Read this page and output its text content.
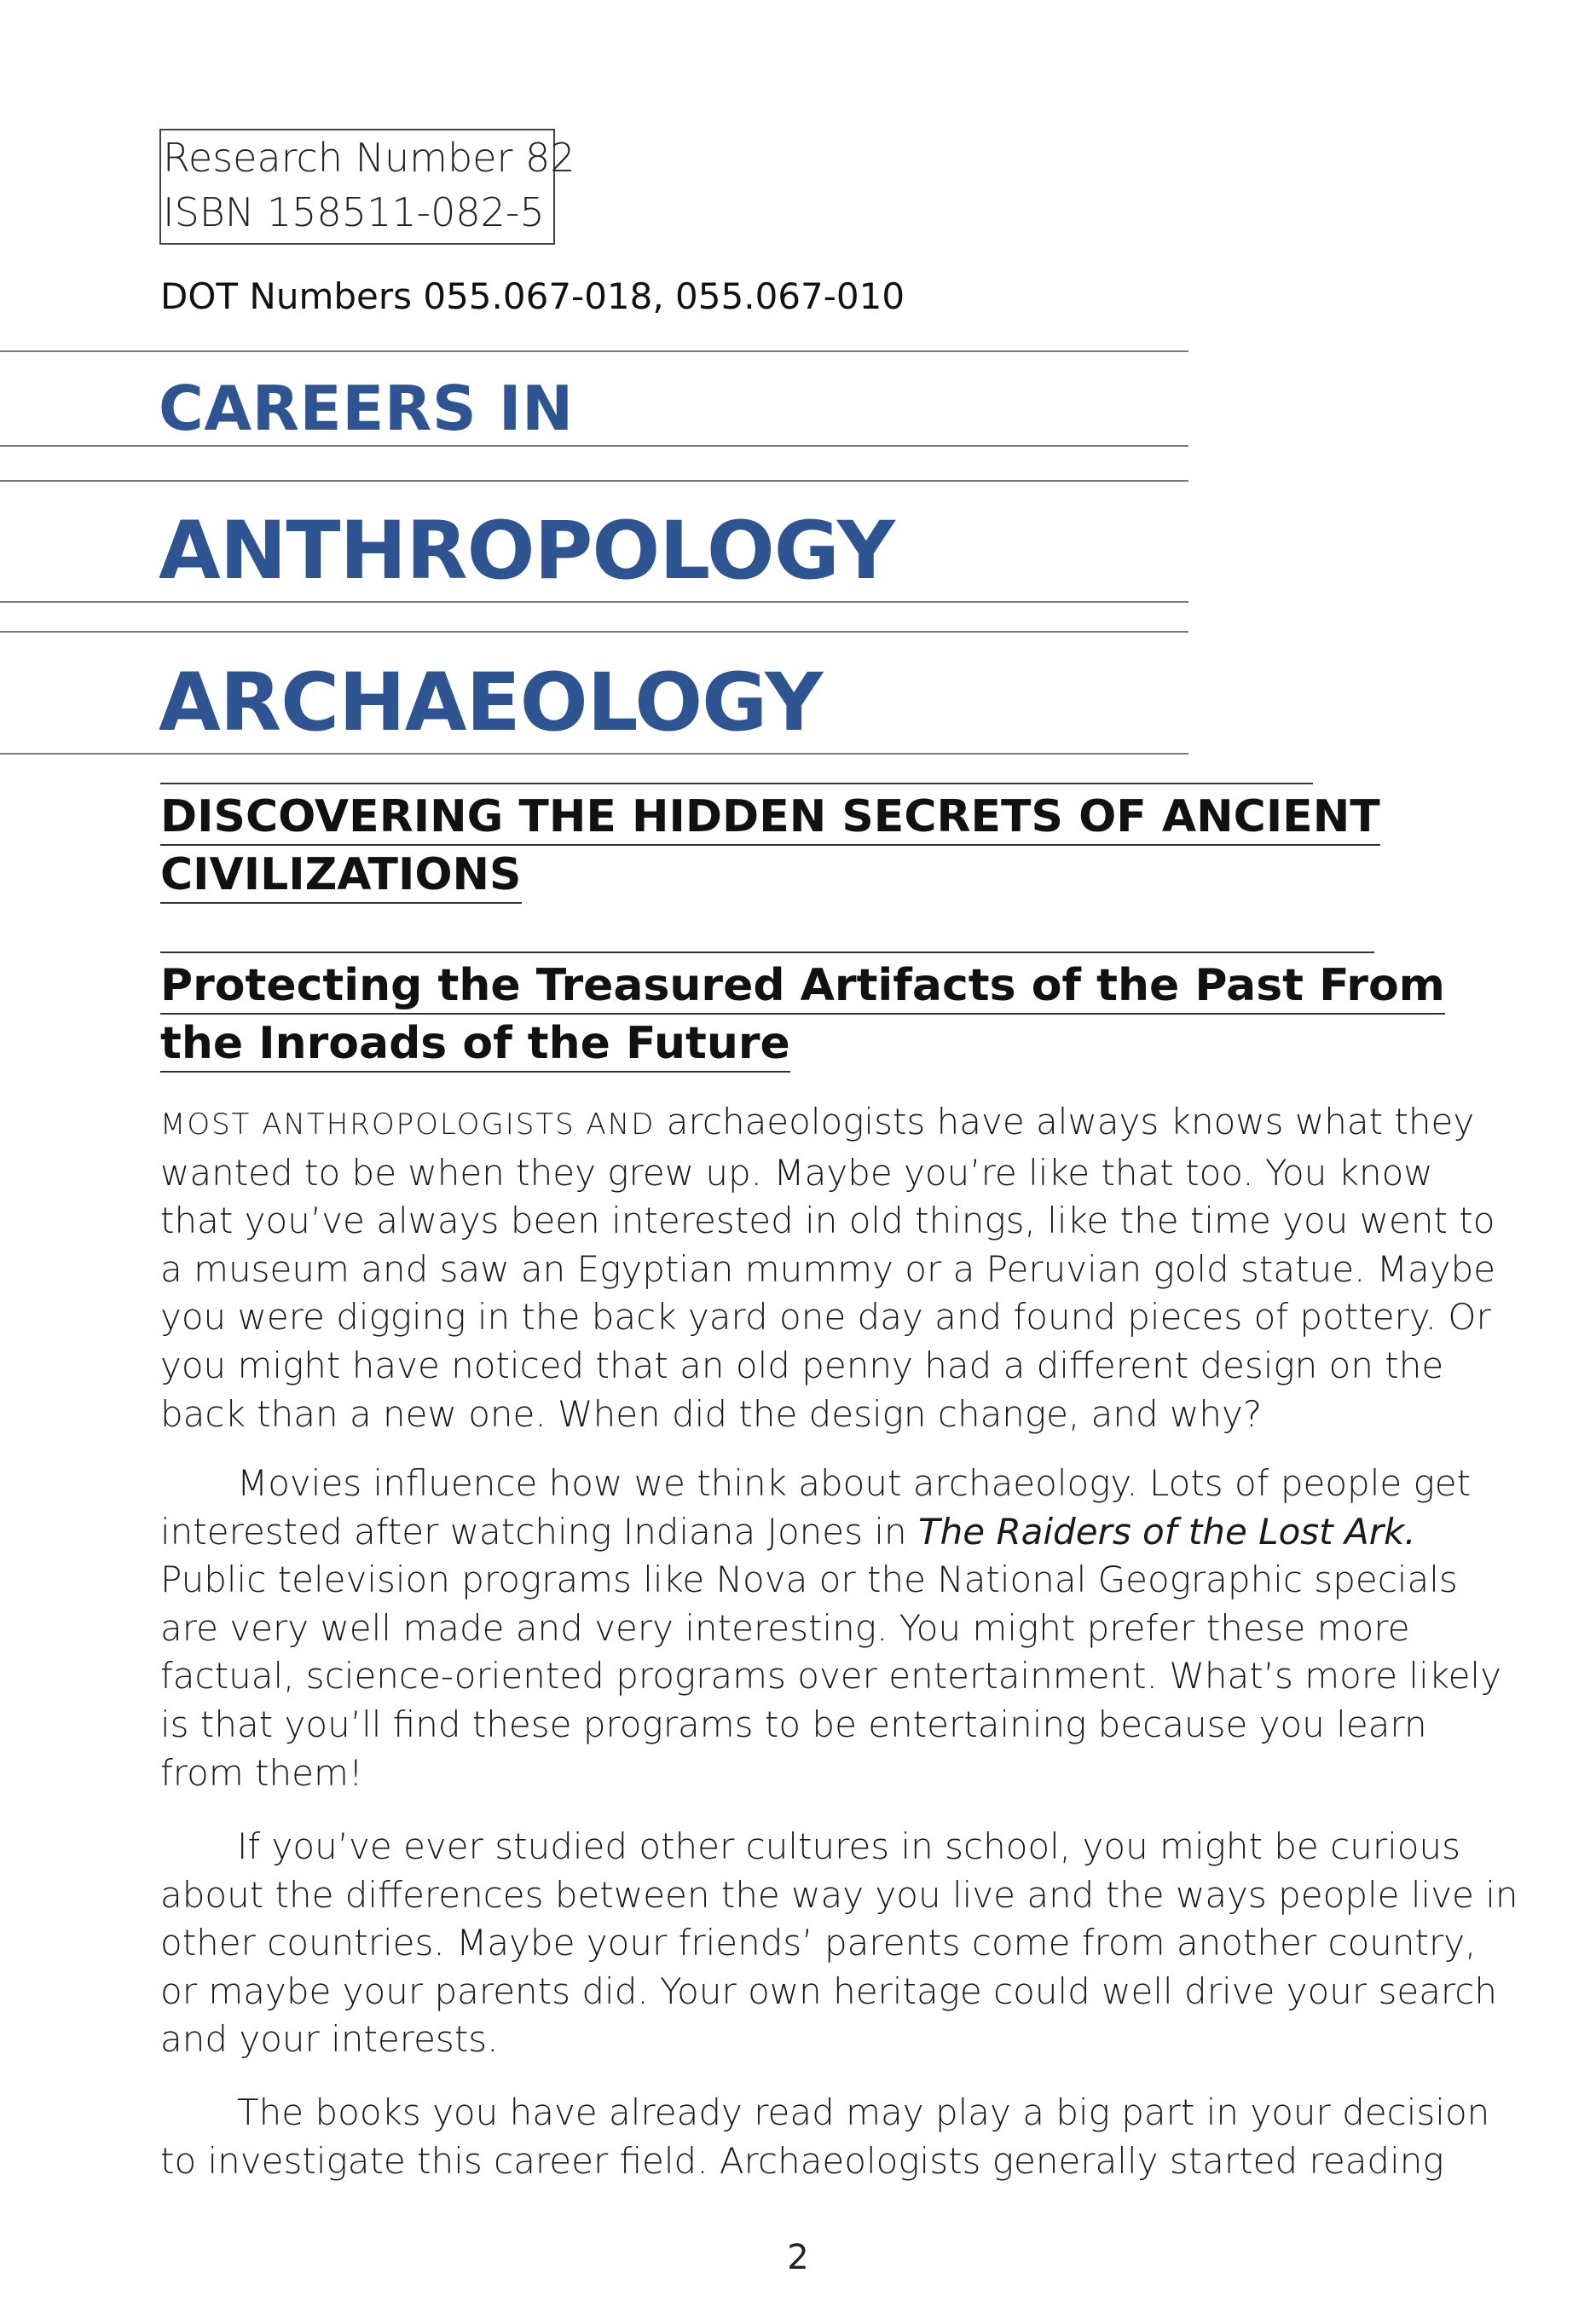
Research Number 82
ISBN 158511-082-5
DOT Numbers 055.067-018, 055.067-010
CAREERS IN
ANTHROPOLOGY
ARCHAEOLOGY
DISCOVERING THE HIDDEN SECRETS OF ANCIENT
CIVILIZATIONS
Protecting the Treasured Artifacts of the Past From
the Inroads of the Future
MOST ANTHROPOLOGISTS AND archaeologists have always knows what they
wanted to be when they grew up. Maybe you’re like that too. You know
that you’ve always been interested in old things, like the time you went to
a museum and saw an Egyptian mummy or a Peruvian gold statue. Maybe
you were digging in the back yard one day and found pieces of pottery. Or
you might have noticed that an old penny had a different design on the
back than a new one. When did the design change, and why?
Movies influence how we think about archaeology. Lots of people get
interested after watching Indiana Jones in The Raiders of the Lost Ark.
Public television programs like Nova or the National Geographic specials
are very well made and very interesting. You might prefer these more
factual, science-oriented programs over entertainment. What’s more likely
is that you’ll find these programs to be entertaining because you learn
from them!
If you’ve ever studied other cultures in school, you might be curious
about the differences between the way you live and the ways people live in
other countries. Maybe your friends’ parents come from another country,
or maybe your parents did. Your own heritage could well drive your search
and your interests.
The books you have already read may play a big part in your decision
to investigate this career field. Archaeologists generally started reading
2
